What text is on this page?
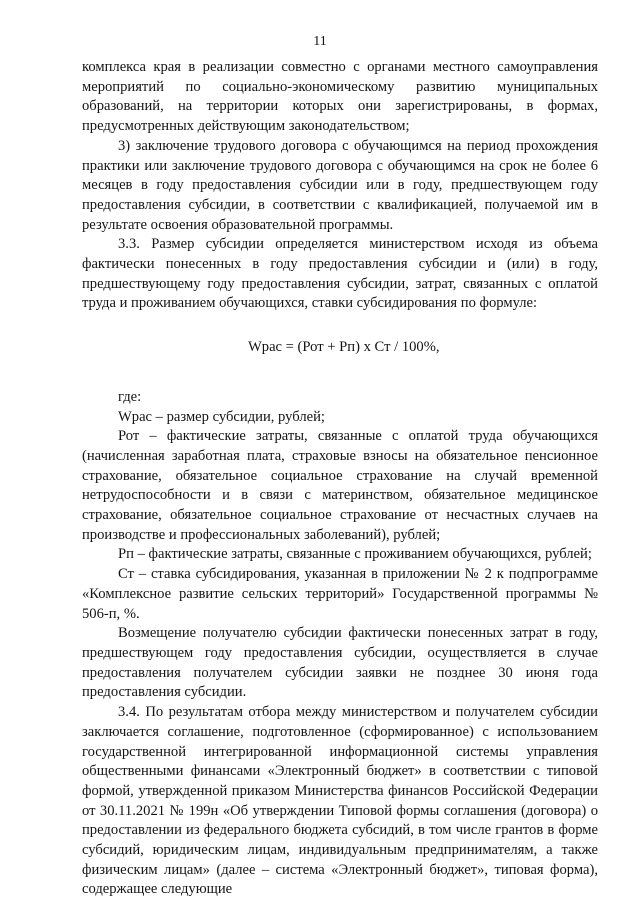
11

комплекса края в реализации совместно с органами местного самоуправления мероприятий по социально-экономическому развитию муниципальных образований, на территории которых они зарегистрированы, в формах, предусмотренных действующим законодательством;

3) заключение трудового договора с обучающимся на период прохождения практики или заключение трудового договора с обучающимся на срок не более 6 месяцев в году предоставления субсидии или в году, предшествующем году предоставления субсидии, в соответствии с квалификацией, получаемой им в результате освоения образовательной программы.

3.3. Размер субсидии определяется министерством исходя из объема фактически понесенных в году предоставления субсидии и (или) в году, предшествующему году предоставления субсидии, затрат, связанных с оплатой труда и проживанием обучающихся, ставки субсидирования по формуле:

Wрас = (Рот + Рп) х Ст / 100%,

где:

Wрас – размер субсидии, рублей;

Рот – фактические затраты, связанные с оплатой труда обучающихся (начисленная заработная плата, страховые взносы на обязательное пенсионное страхование, обязательное социальное страхование на случай временной нетрудоспособности и в связи с материнством, обязательное медицинское страхование, обязательное социальное страхование от несчастных случаев на производстве и профессиональных заболеваний), рублей;

Рп – фактические затраты, связанные с проживанием обучающихся, рублей;

Ст – ставка субсидирования, указанная в приложении № 2 к подпрограмме «Комплексное развитие сельских территорий» Государственной программы № 506-п, %.

Возмещение получателю субсидии фактически понесенных затрат в году, предшествующем году предоставления субсидии, осуществляется в случае предоставления получателем субсидии заявки не позднее 30 июня года предоставления субсидии.

3.4. По результатам отбора между министерством и получателем субсидии заключается соглашение, подготовленное (сформированное) с использованием государственной интегрированной информационной системы управления общественными финансами «Электронный бюджет» в соответствии с типовой формой, утвержденной приказом Министерства финансов Российской Федерации от 30.11.2021 № 199н «Об утверждении Типовой формы соглашения (договора) о предоставлении из федерального бюджета субсидий, в том числе грантов в форме субсидий, юридическим лицам, индивидуальным предпринимателям, а также физическим лицам» (далее – система «Электронный бюджет», типовая форма), содержащее следующие
